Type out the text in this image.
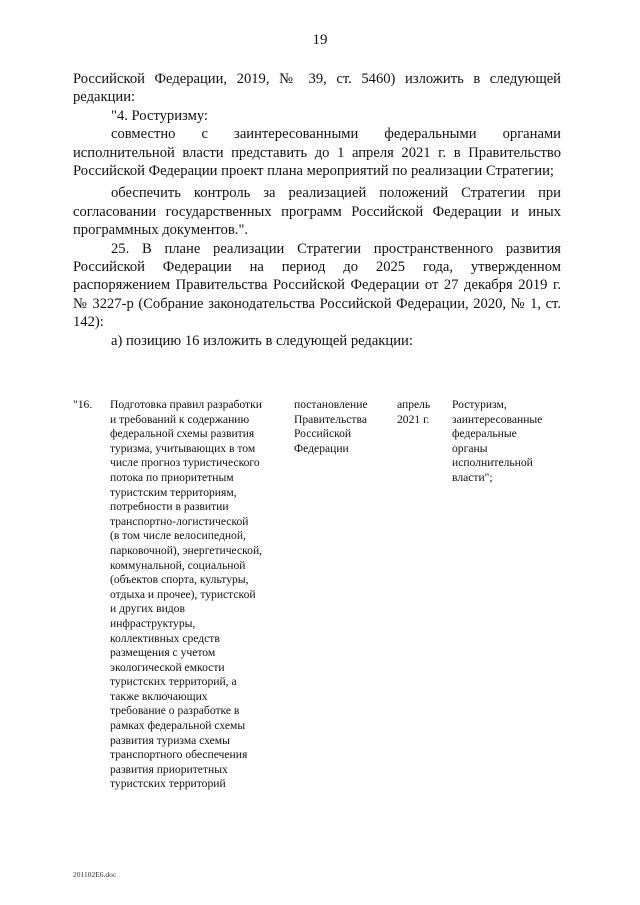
19

Российской Федерации, 2019, № 39, ст. 5460) изложить в следующей редакции:

"4. Ростуризму:

совместно с заинтересованными федеральными органами исполнительной власти представить до 1 апреля 2021 г. в Правительство Российской Федерации проект плана мероприятий по реализации Стратегии;

обеспечить контроль за реализацией положений Стратегии при согласовании государственных программ Российской Федерации и иных программных документов.".

25. В плане реализации Стратегии пространственного развития Российской Федерации на период до 2025 года, утвержденном распоряжением Правительства Российской Федерации от 27 декабря 2019 г. № 3227-р (Собрание законодательства Российской Федерации, 2020, № 1, ст. 142):

а) позицию 16 изложить в следующей редакции:

"16.	Подготовка правил разработки
и требований к содержанию
федеральной схемы развития
туризма, учитывающих в том
числе прогноз туристического
потока по приоритетным
туристским территориям,
потребности в развитии
транспортно-логистической
(в том числе велосипедной,
парковочной), энергетической,
коммунальной, социальной
(объектов спорта, культуры,
отдыха и прочее), туристской
и других видов
инфраструктуры,
коллективных средств
размещения с учетом
экологической емкости
туристских территорий, а
также включающих
требование о разработке в
рамках федеральной схемы
развития туризма схемы
транспортного обеспечения
развития приоритетных
туристских территорий
постановление
Правительства
Российской
Федерации
апрель
2021 г.
Ростуризм,
заинтересованные
федеральные
органы
исполнительной
власти";
201102Е6.doc
